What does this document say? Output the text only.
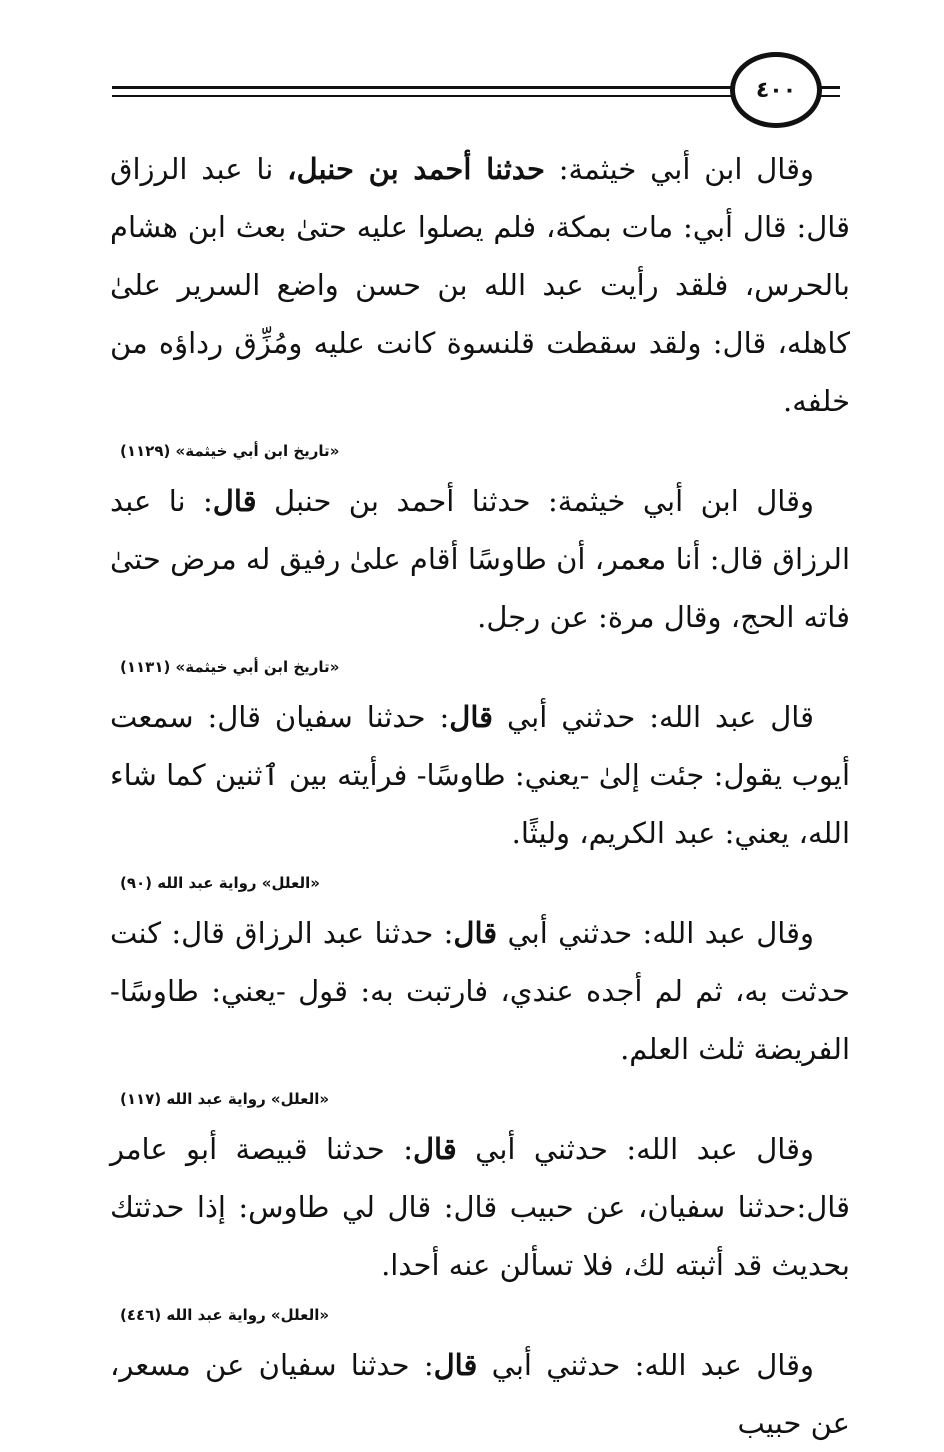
٤٠٠

وقال ابن أبي خيثمة: حدثنا أحمد بن حنبل، نا عبد الرزاق قال: قال أبي: مات بمكة، فلم يصلوا عليه حتىٰ بعث ابن هشام بالحرس، فلقد رأيت عبد الله بن حسن واضع السرير علىٰ كاهله، قال: ولقد سقطت قلنسوة كانت عليه ومُزِّق رداؤه من خلفه.

«تاريخ ابن أبي خيثمة» (١١٢٩)

وقال ابن أبي خيثمة: حدثنا أحمد بن حنبل قال: نا عبد الرزاق قال: أنا معمر، أن طاوسًا أقام علىٰ رفيق له مرض حتىٰ فاته الحج، وقال مرة: عن رجل.

«تاريخ ابن أبي خيثمة» (١١٣١)

قال عبد الله: حدثني أبي قال: حدثنا سفيان قال: سمعت أيوب يقول: جئت إلىٰ -يعني: طاوسًا- فرأيته بين ٱثنين كما شاء الله، يعني: عبد الكريم، وليثًا.

«العلل» رواية عبد الله (٩٠)

وقال عبد الله: حدثني أبي قال: حدثنا عبد الرزاق قال: كنت حدثت به، ثم لم أجده عندي، فارتبت به: قول -يعني: طاوسًا- الفريضة ثلث العلم.

«العلل» رواية عبد الله (١١٧)

وقال عبد الله: حدثني أبي قال: حدثنا قبيصة أبو عامر قال:حدثنا سفيان، عن حبيب قال: قال لي طاوس: إذا حدثتك بحديث قد أثبته لك، فلا تسألن عنه أحدا.

«العلل» رواية عبد الله (٤٤٦)

وقال عبد الله: حدثني أبي قال: حدثنا سفيان عن مسعر، عن حبيب
